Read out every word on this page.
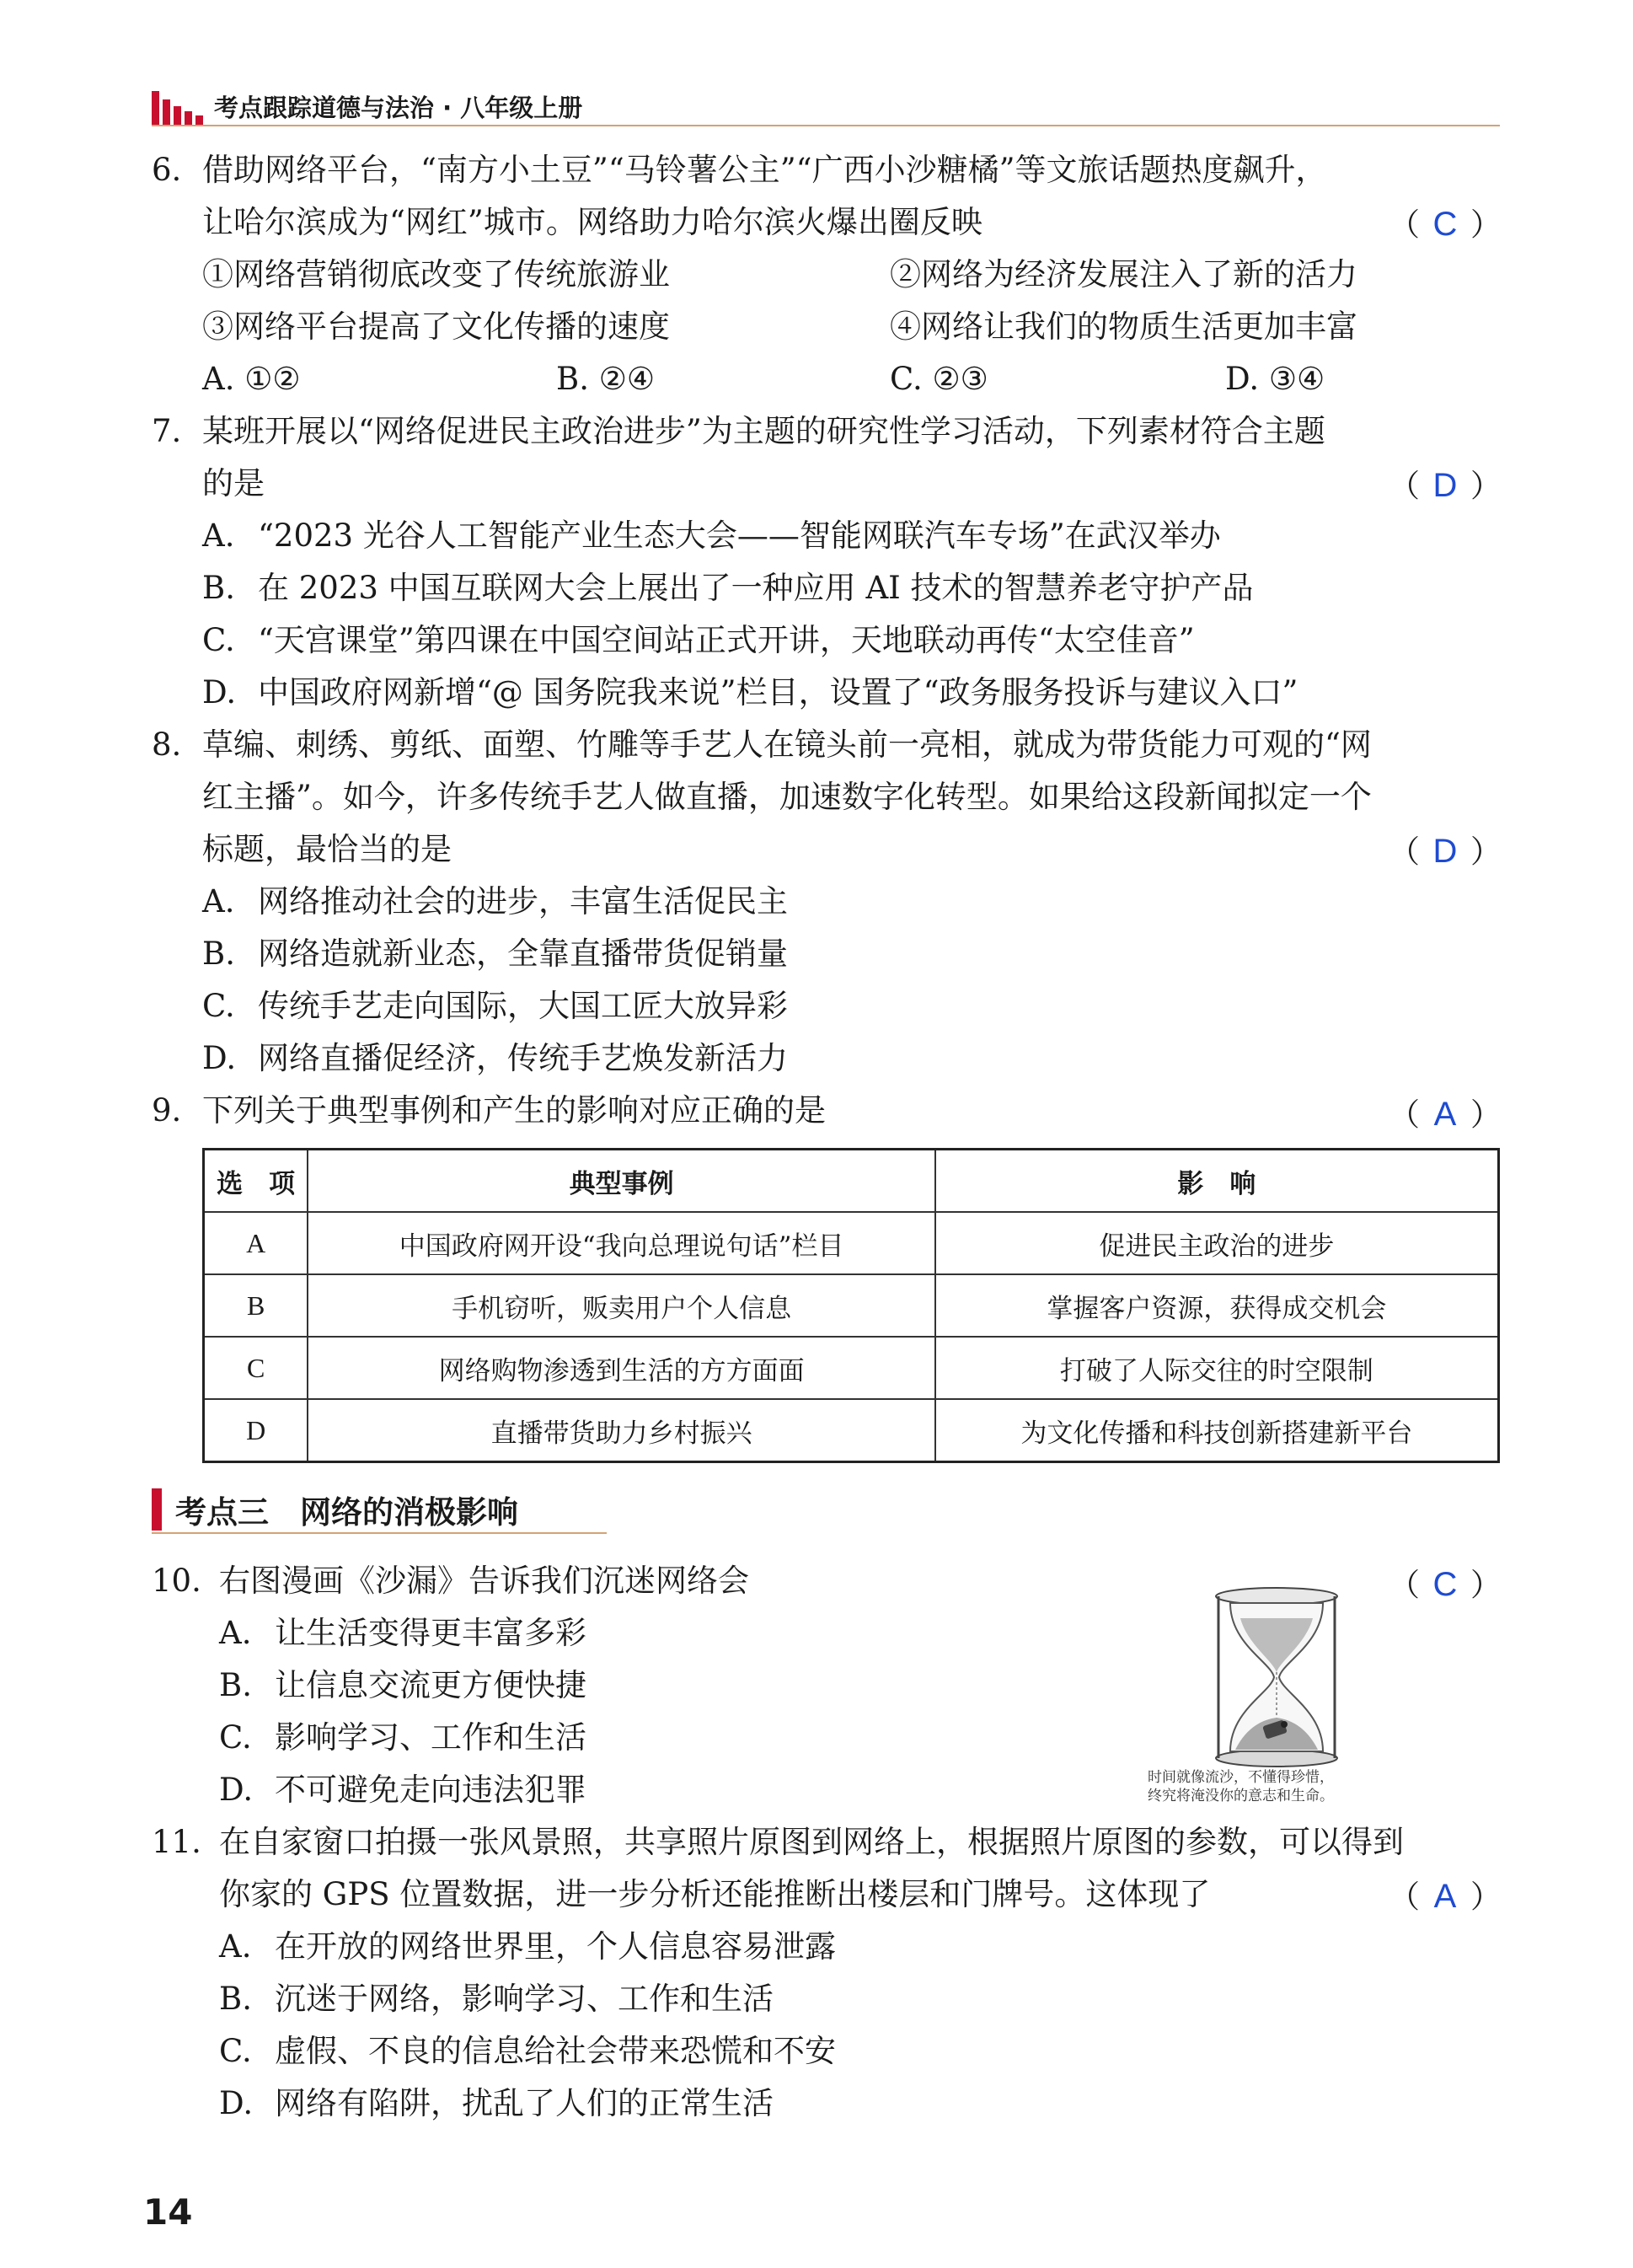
考点跟踪道德与法治 · 八年级上册
6. 借助网络平台，“南方小土豆”“马铃薯公主”“广西小沙糖橘”等文旅话题热度飙升，
让哈尔滨成为“网红”城市。网络助力哈尔滨火爆出圈反映	（ C ）
①网络营销彻底改变了传统旅游业	②网络为经济发展注入了新的活力
③网络平台提高了文化传播的速度	④网络让我们的物质生活更加丰富
A. ①②	B. ②④	C. ②③	D. ③④
7. 某班开展以“网络促进民主政治进步”为主题的研究性学习活动，下列素材符合主题
的是	（ D ）
A. “2023 光谷人工智能产业生态大会——智能网联汽车专场”在武汉举办
B. 在 2023 中国互联网大会上展出了一种应用 AI 技术的智慧养老守护产品
C. “天宫课堂”第四课在中国空间站正式开讲，天地联动再传“太空佳音”
D. 中国政府网新增“@ 国务院我来说”栏目，设置了“政务服务投诉与建议入口”
8. 草编、刺绣、剪纸、面塑、竹雕等手艺人在镜头前一亮相，就成为带货能力可观的“网
红主播”。如今，许多传统手艺人做直播，加速数字化转型。如果给这段新闻拟定一个
标题，最恰当的是	（ D ）
A. 网络推动社会的进步，丰富生活促民主
B. 网络造就新业态，全靠直播带货促销量
C. 传统手艺走向国际，大国工匠大放异彩
D. 网络直播促经济，传统手艺焕发新活力
9. 下列关于典型事例和产生的影响对应正确的是	（ A ）
选　项	典型事例	影　响
A	中国政府网开设“我向总理说句话”栏目	促进民主政治的进步
B	手机窃听，贩卖用户个人信息	掌握客户资源，获得成交机会
C	网络购物渗透到生活的方方面面	打破了人际交往的时空限制
D	直播带货助力乡村振兴	为文化传播和科技创新搭建新平台
考点三　网络的消极影响
10. 右图漫画《沙漏》告诉我们沉迷网络会	（ C ）
A. 让生活变得更丰富多彩
B. 让信息交流更方便快捷
C. 影响学习、工作和生活
D. 不可避免走向违法犯罪	时间就像流沙，不懂得珍惜，
终究将淹没你的意志和生命。
11. 在自家窗口拍摄一张风景照，共享照片原图到网络上，根据照片原图的参数，可以得到
你家的 GPS 位置数据，进一步分析还能推断出楼层和门牌号。这体现了	（ A ）
A. 在开放的网络世界里，个人信息容易泄露
B. 沉迷于网络，影响学习、工作和生活
C. 虚假、不良的信息给社会带来恐慌和不安
D. 网络有陷阱，扰乱了人们的正常生活
14
